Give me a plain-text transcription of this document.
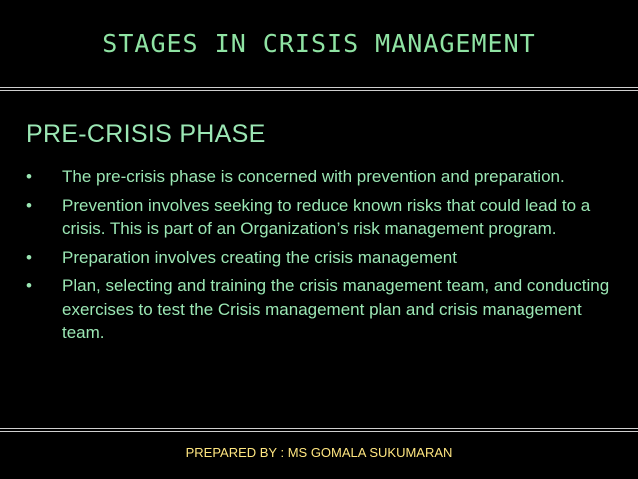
STAGES IN CRISIS MANAGEMENT
PRE-CRISIS PHASE
•	The pre-crisis phase is concerned with prevention and preparation.
•	Prevention involves seeking to reduce known risks that could lead to a crisis. This is part of an Organization’s risk management program.
•	Preparation involves creating the crisis management
•	Plan, selecting and training the crisis management team, and conducting exercises to test the Crisis management plan and crisis management team.
PREPARED BY : MS GOMALA SUKUMARAN
